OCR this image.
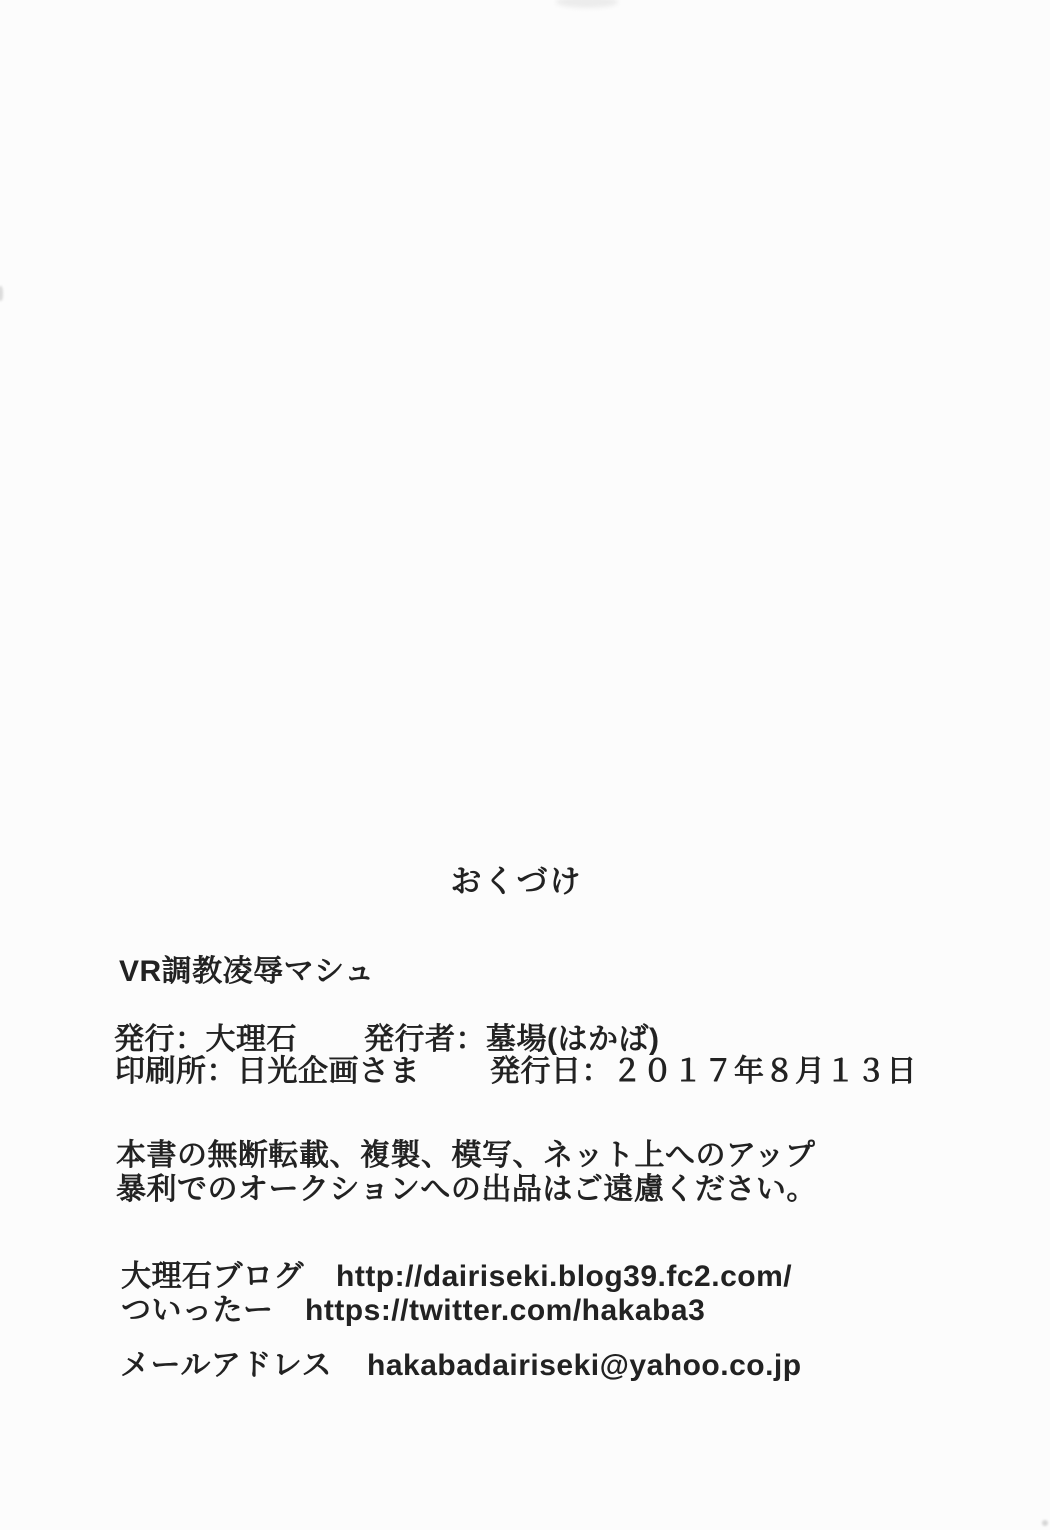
おくづけ
VR調教凌辱マシュ
発行：大理石 発行者：墓場(はかば)
印刷所：日光企画さま 発行日：２０１７年８月１３日
本書の無断転載、複製、模写、ネット上へのアップ
暴利でのオークションへの出品はご遠慮ください。
大理石ブログ http://dairiseki.blog39.fc2.com/
ついったー https://twitter.com/hakaba3
メールアドレス hakabadairiseki@yahoo.co.jp
